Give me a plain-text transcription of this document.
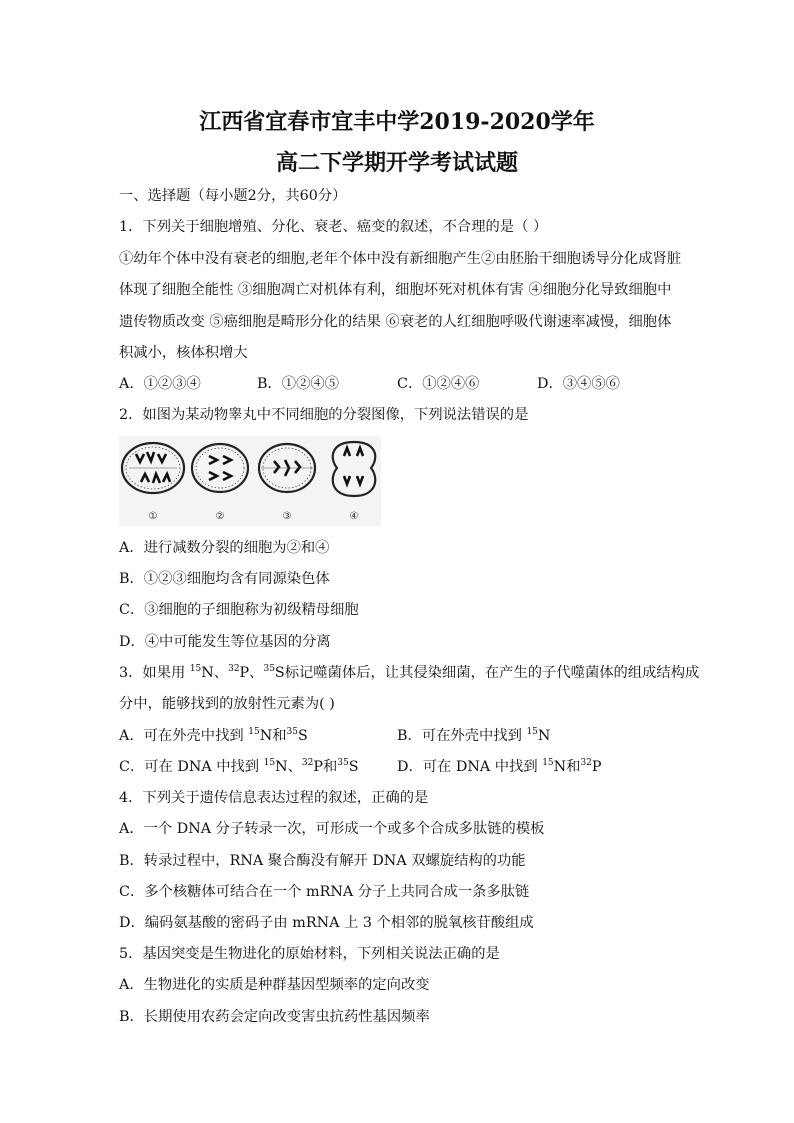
江西省宜春市宜丰中学2019-2020学年
高二下学期开学考试试题
一、选择题（每小题2分，共60分）
1．下列关于细胞增殖、分化、衰老、癌变的叙述，不合理的是（ ）
①幼年个体中没有衰老的细胞,老年个体中没有新细胞产生②由胚胎干细胞诱导分化成肾脏
体现了细胞全能性 ③细胞凋亡对机体有利，细胞坏死对机体有害 ④细胞分化导致细胞中
遗传物质改变 ⑤癌细胞是畸形分化的结果 ⑥衰老的人红细胞呼吸代谢速率减慢，细胞体
积减小，核体积增大
A．①②③④	B．①②④⑤	C．①②④⑥	D．③④⑤⑥
2．如图为某动物睾丸中不同细胞的分裂图像，下列说法错误的是
①	②	③	④
A．进行减数分裂的细胞为②和④
B．①②③细胞均含有同源染色体
C．③细胞的子细胞称为初级精母细胞
D．④中可能发生等位基因的分离
3．如果用 $^{15}$N、$^{32}$P、$^{35}$S标记噬菌体后，让其侵染细菌，在产生的子代噬菌体的组成结构成
分中，能够找到的放射性元素为( )
A．可在外壳中找到 $^{15}$N和$^{35}$S	B．可在外壳中找到 $^{15}$N
C．可在 DNA 中找到 $^{15}$N、$^{32}$P和$^{35}$S	D．可在 DNA 中找到 $^{15}$N和$^{32}$P
4．下列关于遗传信息表达过程的叙述，正确的是
A．一个 DNA 分子转录一次，可形成一个或多个合成多肽链的模板
B．转录过程中，RNA 聚合酶没有解开 DNA 双螺旋结构的功能
C．多个核糖体可结合在一个 mRNA 分子上共同合成一条多肽链
D．编码氨基酸的密码子由 mRNA 上 3 个相邻的脱氧核苷酸组成
5．基因突变是生物进化的原始材料，下列相关说法正确的是
A．生物进化的实质是种群基因型频率的定向改变
B．长期使用农药会定向改变害虫抗药性基因频率
